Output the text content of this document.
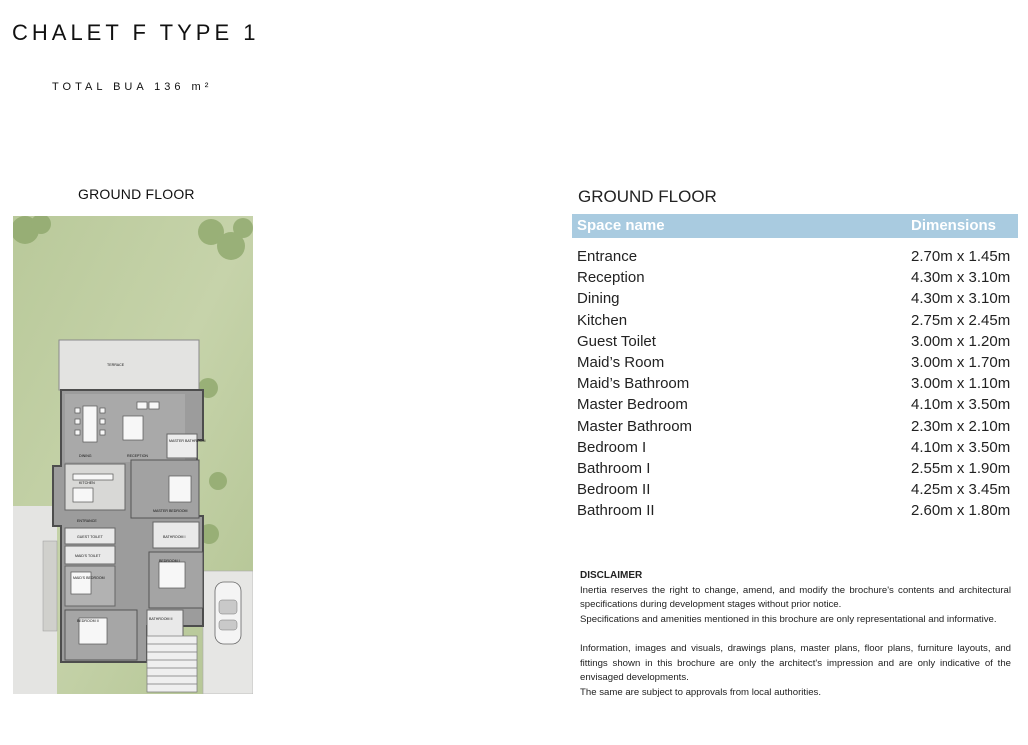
CHALET F TYPE 1
TOTAL BUA 136 m²
GROUND FLOOR
TERRACE
DINING	RECEPTION
MASTER BATHROOM
KITCHEN
MASTER BEDROOM
ENTRANCE
GUEST TOILET	BATHROOM I
MAID'S TOILET
BEDROOM I
MAID'S BEDROOM
BEDROOM II	BATHROOM II
GROUND FLOOR
Space name	Dimensions
Entrance	2.70m x 1.45m
Reception	4.30m x 3.10m
Dining	4.30m x 3.10m
Kitchen	2.75m x 2.45m
Guest Toilet	3.00m x 1.20m
Maid’s Room	3.00m x 1.70m
Maid’s Bathroom	3.00m x 1.10m
Master Bedroom	4.10m x 3.50m
Master Bathroom	2.30m x 2.10m
Bedroom I	4.10m x 3.50m
Bathroom I	2.55m x 1.90m
Bedroom II	4.25m x 3.45m
Bathroom II	2.60m x 1.80m
DISCLAIMER

Inertia reserves the right to change, amend, and modify the brochure's contents and architectural specifications during development stages without prior notice.

Specifications and amenities mentioned in this brochure are only representational and informative.

Information, images and visuals, drawings plans, master plans, floor plans, furniture layouts, and fittings shown in this brochure are only the architect's impression and are only indicative of the envisaged developments.

The same are subject to approvals from local authorities.
